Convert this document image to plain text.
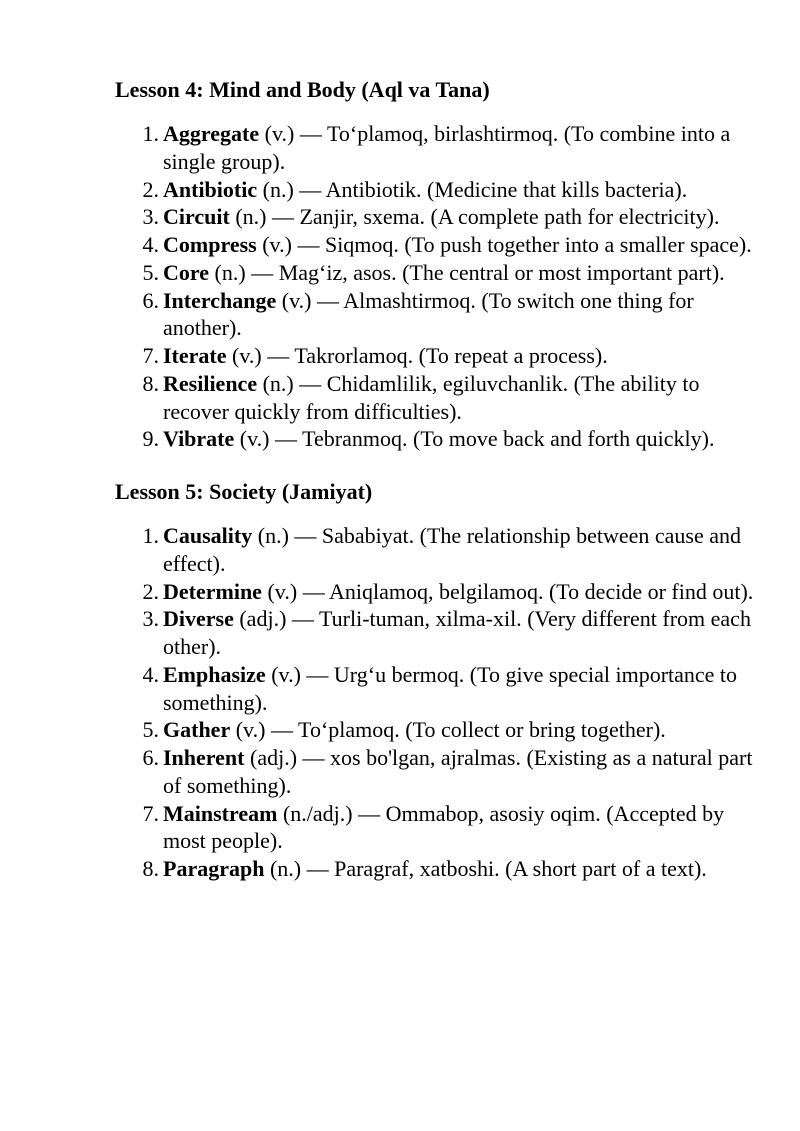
Lesson 4: Mind and Body (Aql va Tana)
1. Aggregate (v.) — To‘plamoq, birlashtirmoq. (To combine into a single group).
2. Antibiotic (n.) — Antibiotik. (Medicine that kills bacteria).
3. Circuit (n.) — Zanjir, sxema. (A complete path for electricity).
4. Compress (v.) — Siqmoq. (To push together into a smaller space).
5. Core (n.) — Mag‘iz, asos. (The central or most important part).
6. Interchange (v.) — Almashtirmoq. (To switch one thing for another).
7. Iterate (v.) — Takrorlamoq. (To repeat a process).
8. Resilience (n.) — Chidamlilik, egiluvchanlik. (The ability to recover quickly from difficulties).
9. Vibrate (v.) — Tebranmoq. (To move back and forth quickly).
Lesson 5: Society (Jamiyat)
1. Causality (n.) — Sababiyat. (The relationship between cause and effect).
2. Determine (v.) — Aniqlamoq, belgilamoq. (To decide or find out).
3. Diverse (adj.) — Turli-tuman, xilma-xil. (Very different from each other).
4. Emphasize (v.) — Urg‘u bermoq. (To give special importance to something).
5. Gather (v.) — To‘plamoq. (To collect or bring together).
6. Inherent (adj.) — xos bo'lgan, ajralmas. (Existing as a natural part of something).
7. Mainstream (n./adj.) — Ommabop, asosiy oqim. (Accepted by most people).
8. Paragraph (n.) — Paragraf, xatboshi. (A short part of a text).
